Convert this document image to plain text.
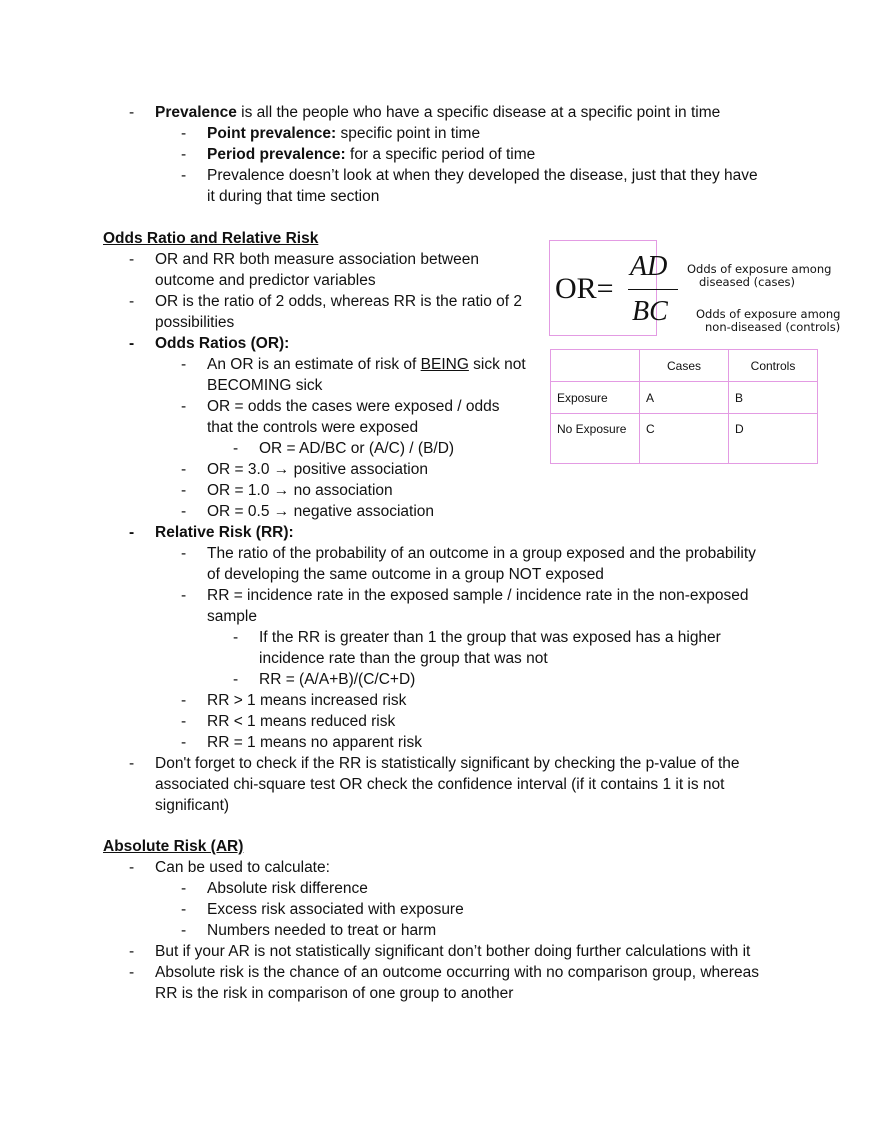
- Prevalence is all the people who have a specific disease at a specific point in time
- Point prevalence: specific point in time
- Period prevalence: for a specific period of time
- Prevalence doesn’t look at when they developed the disease, just that they have
it during that time section
Odds Ratio and Relative Risk
- OR and RR both measure association between
outcome and predictor variables
- OR is the ratio of 2 odds, whereas RR is the ratio of 2
possibilities
- Odds Ratios (OR):
- An OR is an estimate of risk of BEING sick not
BECOMING sick
- OR = odds the cases were exposed / odds
that the controls were exposed
- OR = AD/BC or (A/C) / (B/D)
- OR = 3.0 → positive association
- OR = 1.0 → no association
- OR = 0.5 → negative association
- Relative Risk (RR):
- The ratio of the probability of an outcome in a group exposed and the probability
of developing the same outcome in a group NOT exposed
- RR = incidence rate in the exposed sample / incidence rate in the non-exposed
sample
- If the RR is greater than 1 the group that was exposed has a higher
incidence rate than the group that was not
- RR = (A/A+B)/(C/C+D)
- RR > 1 means increased risk
- RR < 1 means reduced risk
- RR = 1 means no apparent risk
- Don't forget to check if the RR is statistically significant by checking the p-value of the
associated chi-square test OR check the confidence interval (if it contains 1 it is not
significant)
Absolute Risk (AR)
- Can be used to calculate:
- Absolute risk difference
- Excess risk associated with exposure
- Numbers needed to treat or harm
- But if your AR is not statistically significant don’t bother doing further calculations with it
- Absolute risk is the chance of an outcome occurring with no comparison group, whereas
RR is the risk in comparison of one group to another
OR=
AD
BC
Odds of exposure among
diseased (cases)
Odds of exposure among
non-diseased (controls)
	Cases	Controls
Exposure	A	B
No Exposure	C	D
